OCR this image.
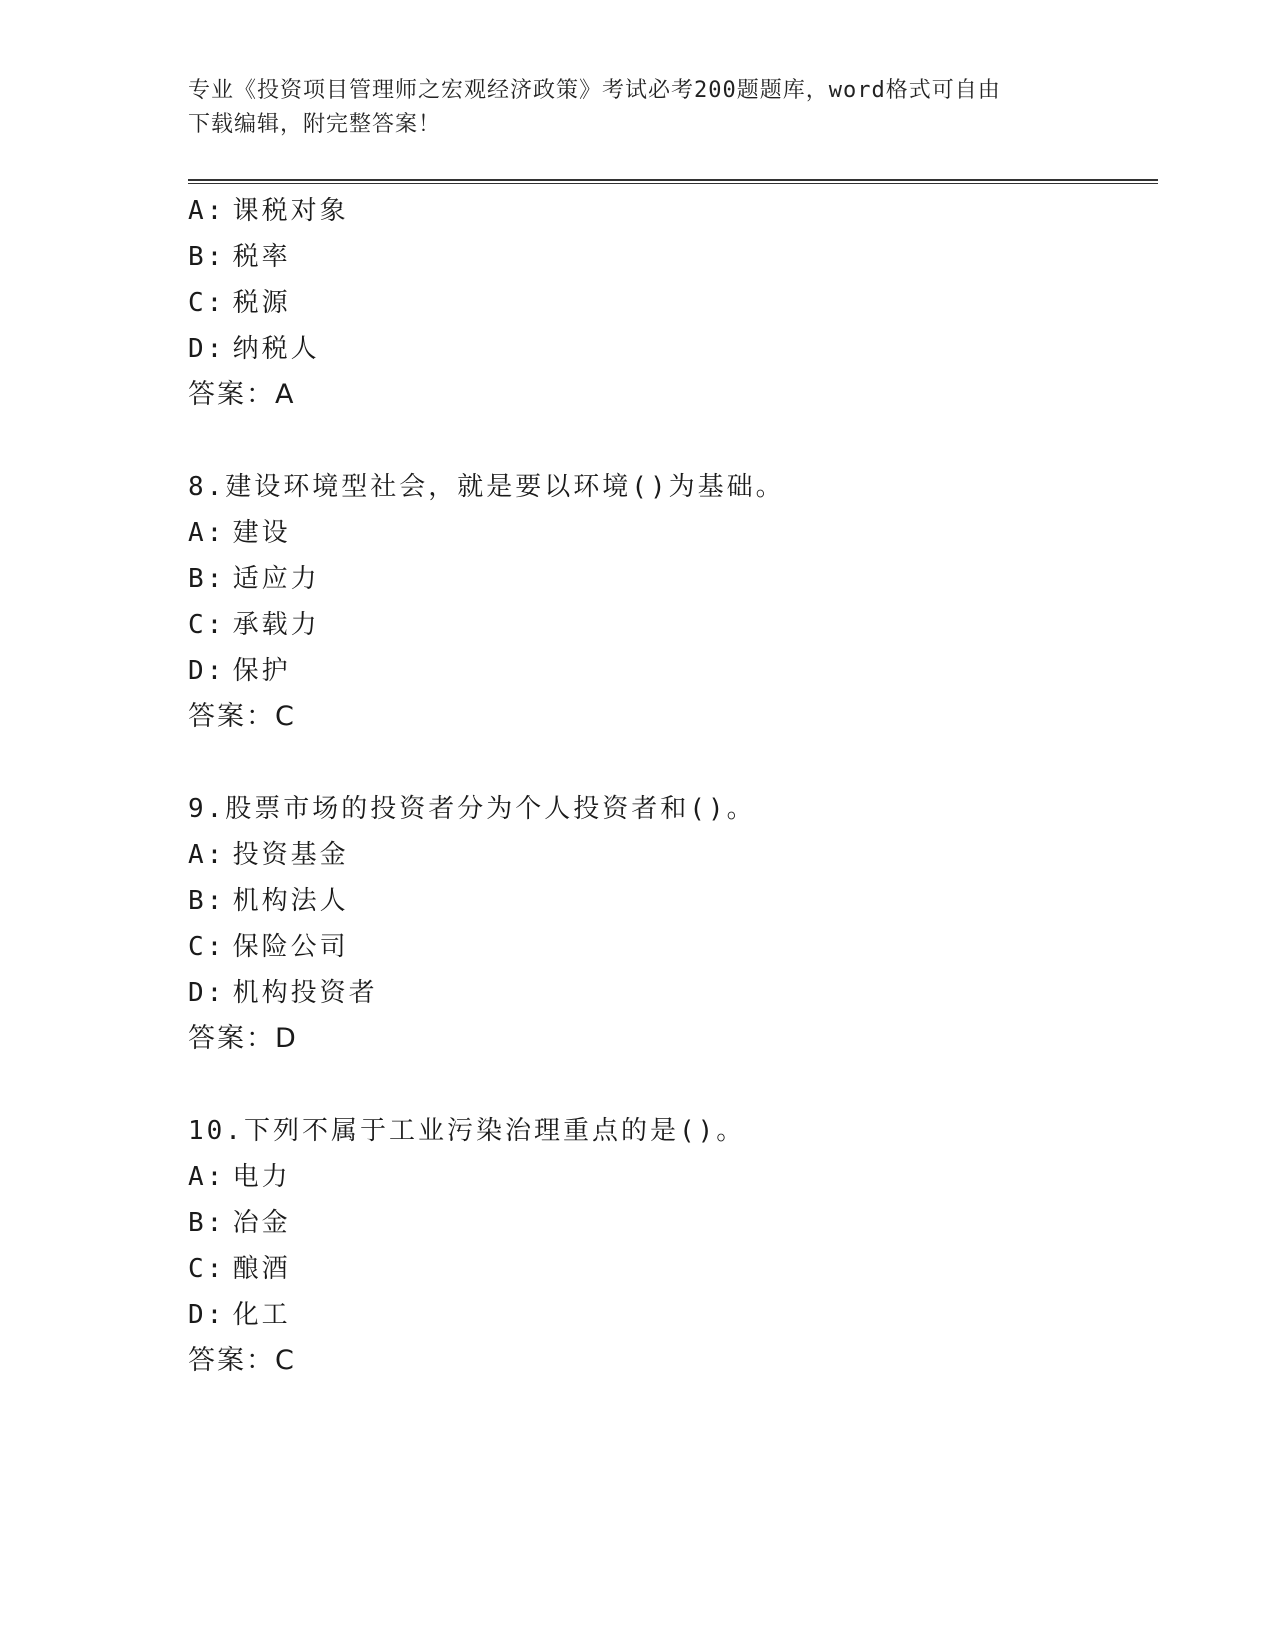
专业《投资项目管理师之宏观经济政策》考试必考200题题库，word格式可自由
下载编辑，附完整答案！
A: 课税对象
B: 税率
C: 税源
D: 纳税人
答案：A
8.建设环境型社会，就是要以环境()为基础。
A: 建设
B: 适应力
C: 承载力
D: 保护
答案：C
9.股票市场的投资者分为个人投资者和()。
A: 投资基金
B: 机构法人
C: 保险公司
D: 机构投资者
答案：D
10.下列不属于工业污染治理重点的是()。
A: 电力
B: 冶金
C: 酿酒
D: 化工
答案：C
